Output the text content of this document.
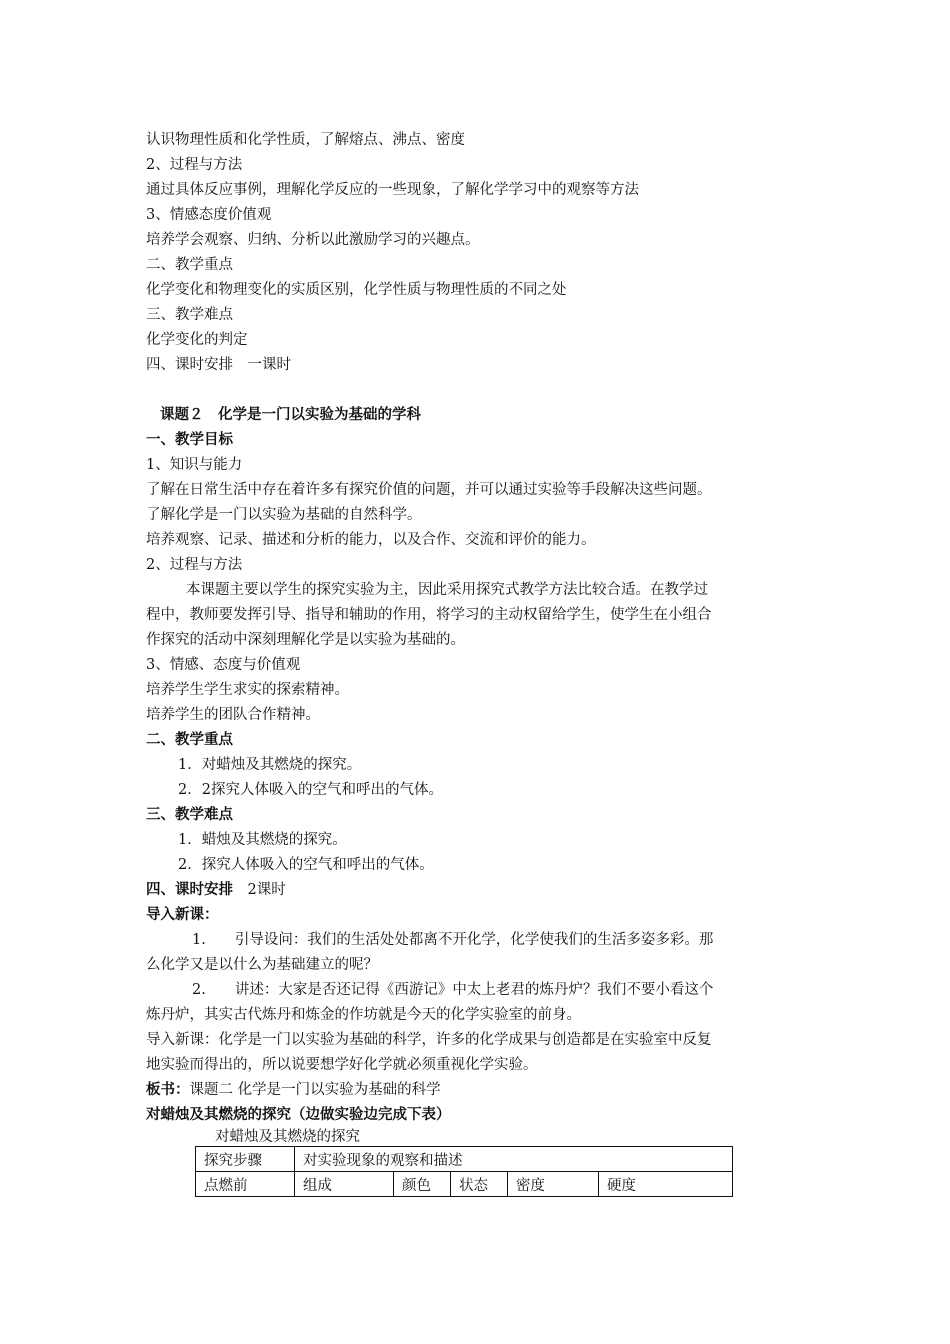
认识物理性质和化学性质，了解熔点、沸点、密度
2、过程与方法
通过具体反应事例，理解化学反应的一些现象，了解化学学习中的观察等方法
3、情感态度价值观
培养学会观察、归纳、分析以此激励学习的兴趣点。
二、教学重点
化学变化和物理变化的实质区别，化学性质与物理性质的不同之处
三、教学难点
化学变化的判定
四、课时安排　一课时
课题２　化学是一门以实验为基础的学科
一、教学目标
1、知识与能力
了解在日常生活中存在着许多有探究价值的问题，并可以通过实验等手段解决这些问题。
了解化学是一门以实验为基础的自然科学。
培养观察、记录、描述和分析的能力，以及合作、交流和评价的能力。
2、过程与方法
本课题主要以学生的探究实验为主，因此采用探究式教学方法比较合适。在教学过
程中，教师要发挥引导、指导和辅助的作用，将学习的主动权留给学生，使学生在小组合
作探究的活动中深刻理解化学是以实验为基础的。
3、情感、态度与价值观
培养学生学生求实的探索精神。
培养学生的团队合作精神。
二、教学重点
1．对蜡烛及其燃烧的探究。
2．2探究人体吸入的空气和呼出的气体。
三、教学难点
1．蜡烛及其燃烧的探究。
2．探究人体吸入的空气和呼出的气体。
四、课时安排　2课时
导入新课：
1.　　引导设问：我们的生活处处都离不开化学，化学使我们的生活多姿多彩。那
么化学又是以什么为基础建立的呢？
2.　　讲述：大家是否还记得《西游记》中太上老君的炼丹炉？我们不要小看这个
炼丹炉，其实古代炼丹和炼金的作坊就是今天的化学实验室的前身。
导入新课：化学是一门以实验为基础的科学，许多的化学成果与创造都是在实验室中反复
地实验而得出的，所以说要想学好化学就必须重视化学实验。
板书：课题二 化学是一门以实验为基础的科学
对蜡烛及其燃烧的探究（边做实验边完成下表）
对蜡烛及其燃烧的探究
探究步骤	对实验现象的观察和描述				
点燃前	组成	颜色	状态	密度	硬度
